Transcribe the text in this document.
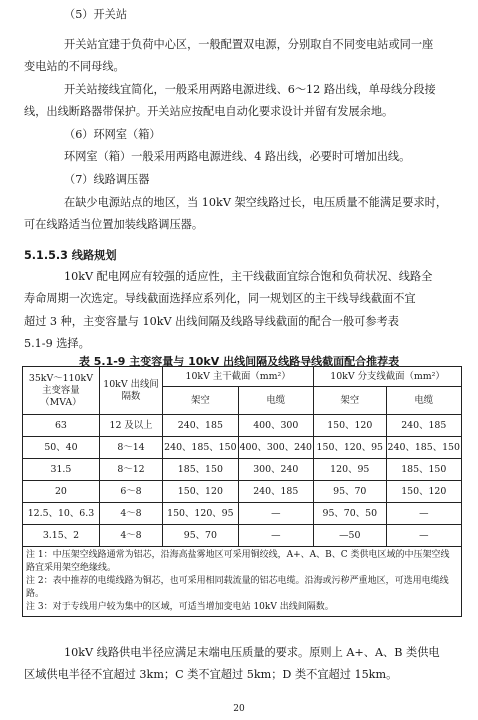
（5）开关站
开关站宜建于负荷中心区，一般配置双电源，分别取自不同变电站或同一座
变电站的不同母线。
开关站接线宜简化，一般采用两路电源进线、6～12 路出线，单母线分段接
线，出线断路器带保护。开关站应按配电自动化要求设计并留有发展余地。
（6）环网室（箱）
环网室（箱）一般采用两路电源进线、4 路出线，必要时可增加出线。
（7）线路调压器
在缺少电源站点的地区，当 10kV 架空线路过长，电压质量不能满足要求时，
可在线路适当位置加装线路调压器。
5.1.5.3 线路规划
10kV 配电网应有较强的适应性，主干线截面宜综合饱和负荷状况、线路全
寿命周期一次选定。导线截面选择应系列化，同一规划区的主干线导线截面不宜
超过 3 种，主变容量与 10kV 出线间隔及线路导线截面的配合一般可参考表
5.1-9 选择。
表 5.1-9 主变容量与 10kV 出线间隔及线路导线截面配合推荐表
35kV～110kV
主变容量
（MVA）	10kV 出线间
隔数	10kV 主干截面（mm²）		10kV 分支线截面（mm²）	
		架空	电缆	架空	电缆
63	12 及以上	240、185	400、300	150、120	240、185
50、40	8～14	240、185、150	400、300、240	150、120、95	240、185、150
31.5	8～12	185、150	300、240	120、95	185、150
20	6～8	150、120	240、185	95、70	150、120
12.5、10、6.3	4～8	150、120、95	—	95、70、50	—
3.15、2	4～8	95、70	—	—50	—

注 1：中压架空线路通常为铝芯，沿海高盐雾地区可采用铜绞线，A+、A、B、C 类供电区域的中压架空线路宜采用架空绝缘线。
注 2：表中推荐的电缆线路为铜芯，也可采用相同载流量的铝芯电缆。沿海或污秽严重地区，可选用电缆线路。
注 3：对于专线用户较为集中的区域，可适当增加变电站 10kV 出线间隔数。					
10kV 线路供电半径应满足末端电压质量的要求。原则上 A+、A、B 类供电
区域供电半径不宜超过 3km；C 类不宜超过 5km；D 类不宜超过 15km。
20
